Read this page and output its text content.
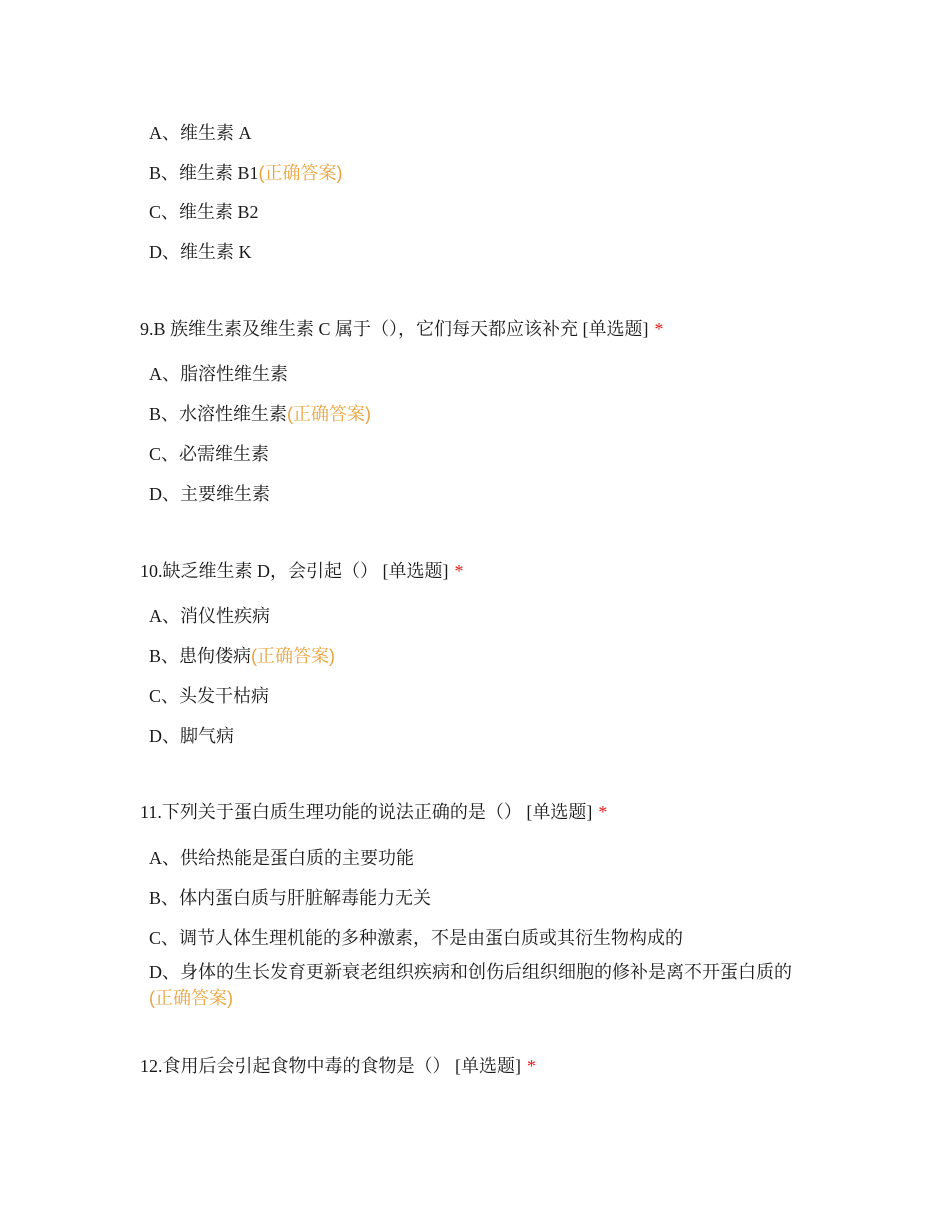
A、维生素 A
B、维生素 B1(正确答案)
C、维生素 B2
D、维生素 K
9.B 族维生素及维生素 C 属于（），它们每天都应该补充 [单选题] *
A、脂溶性维生素
B、水溶性维生素(正确答案)
C、必需维生素
D、主要维生素
10.缺乏维生素 D，会引起（） [单选题] *
A、消仪性疾病
B、患佝偻病(正确答案)
C、头发干枯病
D、脚气病
11.下列关于蛋白质生理功能的说法正确的是（） [单选题] *
A、供给热能是蛋白质的主要功能
B、体内蛋白质与肝脏解毒能力无关
C、调节人体生理机能的多种激素，不是由蛋白质或其衍生物构成的
D、身体的生长发育更新衰老组织疾病和创伤后组织细胞的修补是离不开蛋白质的(正确答案)
12.食用后会引起食物中毒的食物是（） [单选题] *
